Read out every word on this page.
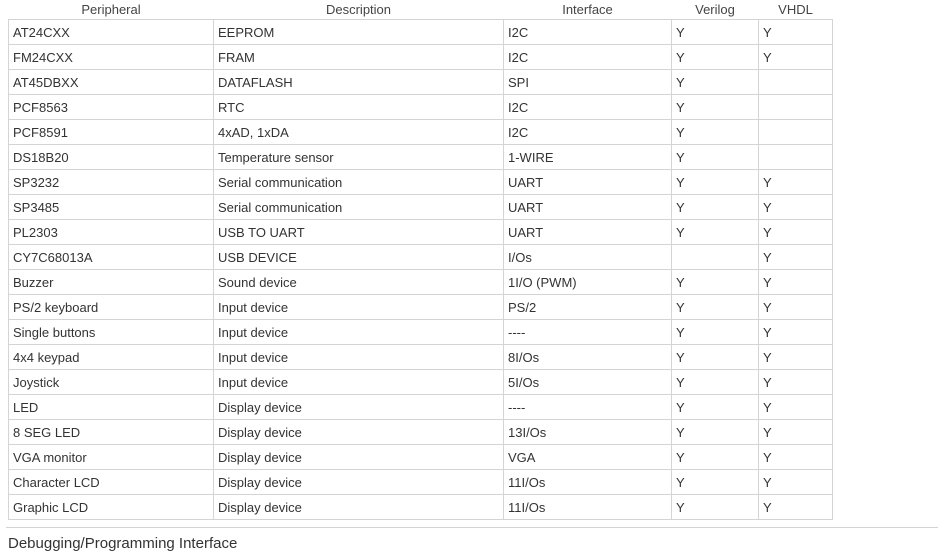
Peripheral	Description	Interface	Verilog	VHDL
AT24CXX	EEPROM	I2C	Y	Y
FM24CXX	FRAM	I2C	Y	Y
AT45DBXX	DATAFLASH	SPI	Y	
PCF8563	RTC	I2C	Y	
PCF8591	4xAD, 1xDA	I2C	Y	
DS18B20	Temperature sensor	1-WIRE	Y	
SP3232	Serial communication	UART	Y	Y
SP3485	Serial communication	UART	Y	Y
PL2303	USB TO UART	UART	Y	Y
CY7C68013A	USB DEVICE	I/Os		Y
Buzzer	Sound device	1I/O (PWM)	Y	Y
PS/2 keyboard	Input device	PS/2	Y	Y
Single buttons	Input device	----	Y	Y
4x4 keypad	Input device	8I/Os	Y	Y
Joystick	Input device	5I/Os	Y	Y
LED	Display device	----	Y	Y
8 SEG LED	Display device	13I/Os	Y	Y
VGA monitor	Display device	VGA	Y	Y
Character LCD	Display device	11I/Os	Y	Y
Graphic LCD	Display device	11I/Os	Y	Y
Debugging/Programming Interface
